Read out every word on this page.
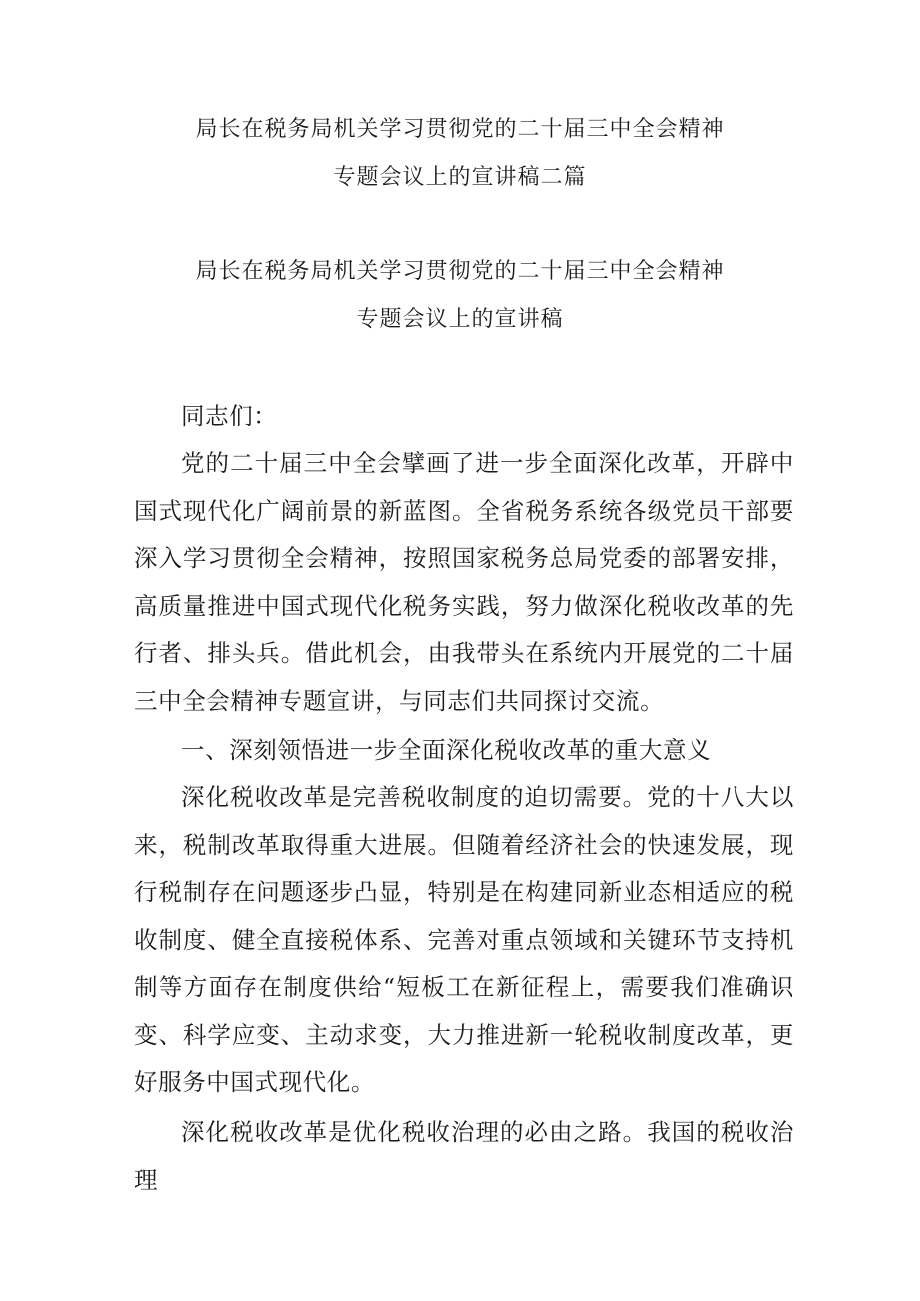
局长在税务局机关学习贯彻党的二十届三中全会精神
专题会议上的宣讲稿二篇
局长在税务局机关学习贯彻党的二十届三中全会精神
专题会议上的宣讲稿

同志们：

党的二十届三中全会擘画了进一步全面深化改革，开辟中国式现代化广阔前景的新蓝图。全省税务系统各级党员干部要深入学习贯彻全会精神，按照国家税务总局党委的部署安排，高质量推进中国式现代化税务实践，努力做深化税收改革的先行者、排头兵。借此机会，由我带头在系统内开展党的二十届三中全会精神专题宣讲，与同志们共同探讨交流。

一、深刻领悟进一步全面深化税收改革的重大意义

深化税收改革是完善税收制度的迫切需要。党的十八大以来，税制改革取得重大进展。但随着经济社会的快速发展，现行税制存在问题逐步凸显，特别是在构建同新业态相适应的税收制度、健全直接税体系、完善对重点领域和关键环节支持机制等方面存在制度供给“短板工在新征程上，需要我们准确识变、科学应变、主动求变，大力推进新一轮税收制度改革，更好服务中国式现代化。

深化税收改革是优化税收治理的必由之路。我国的税收治理
